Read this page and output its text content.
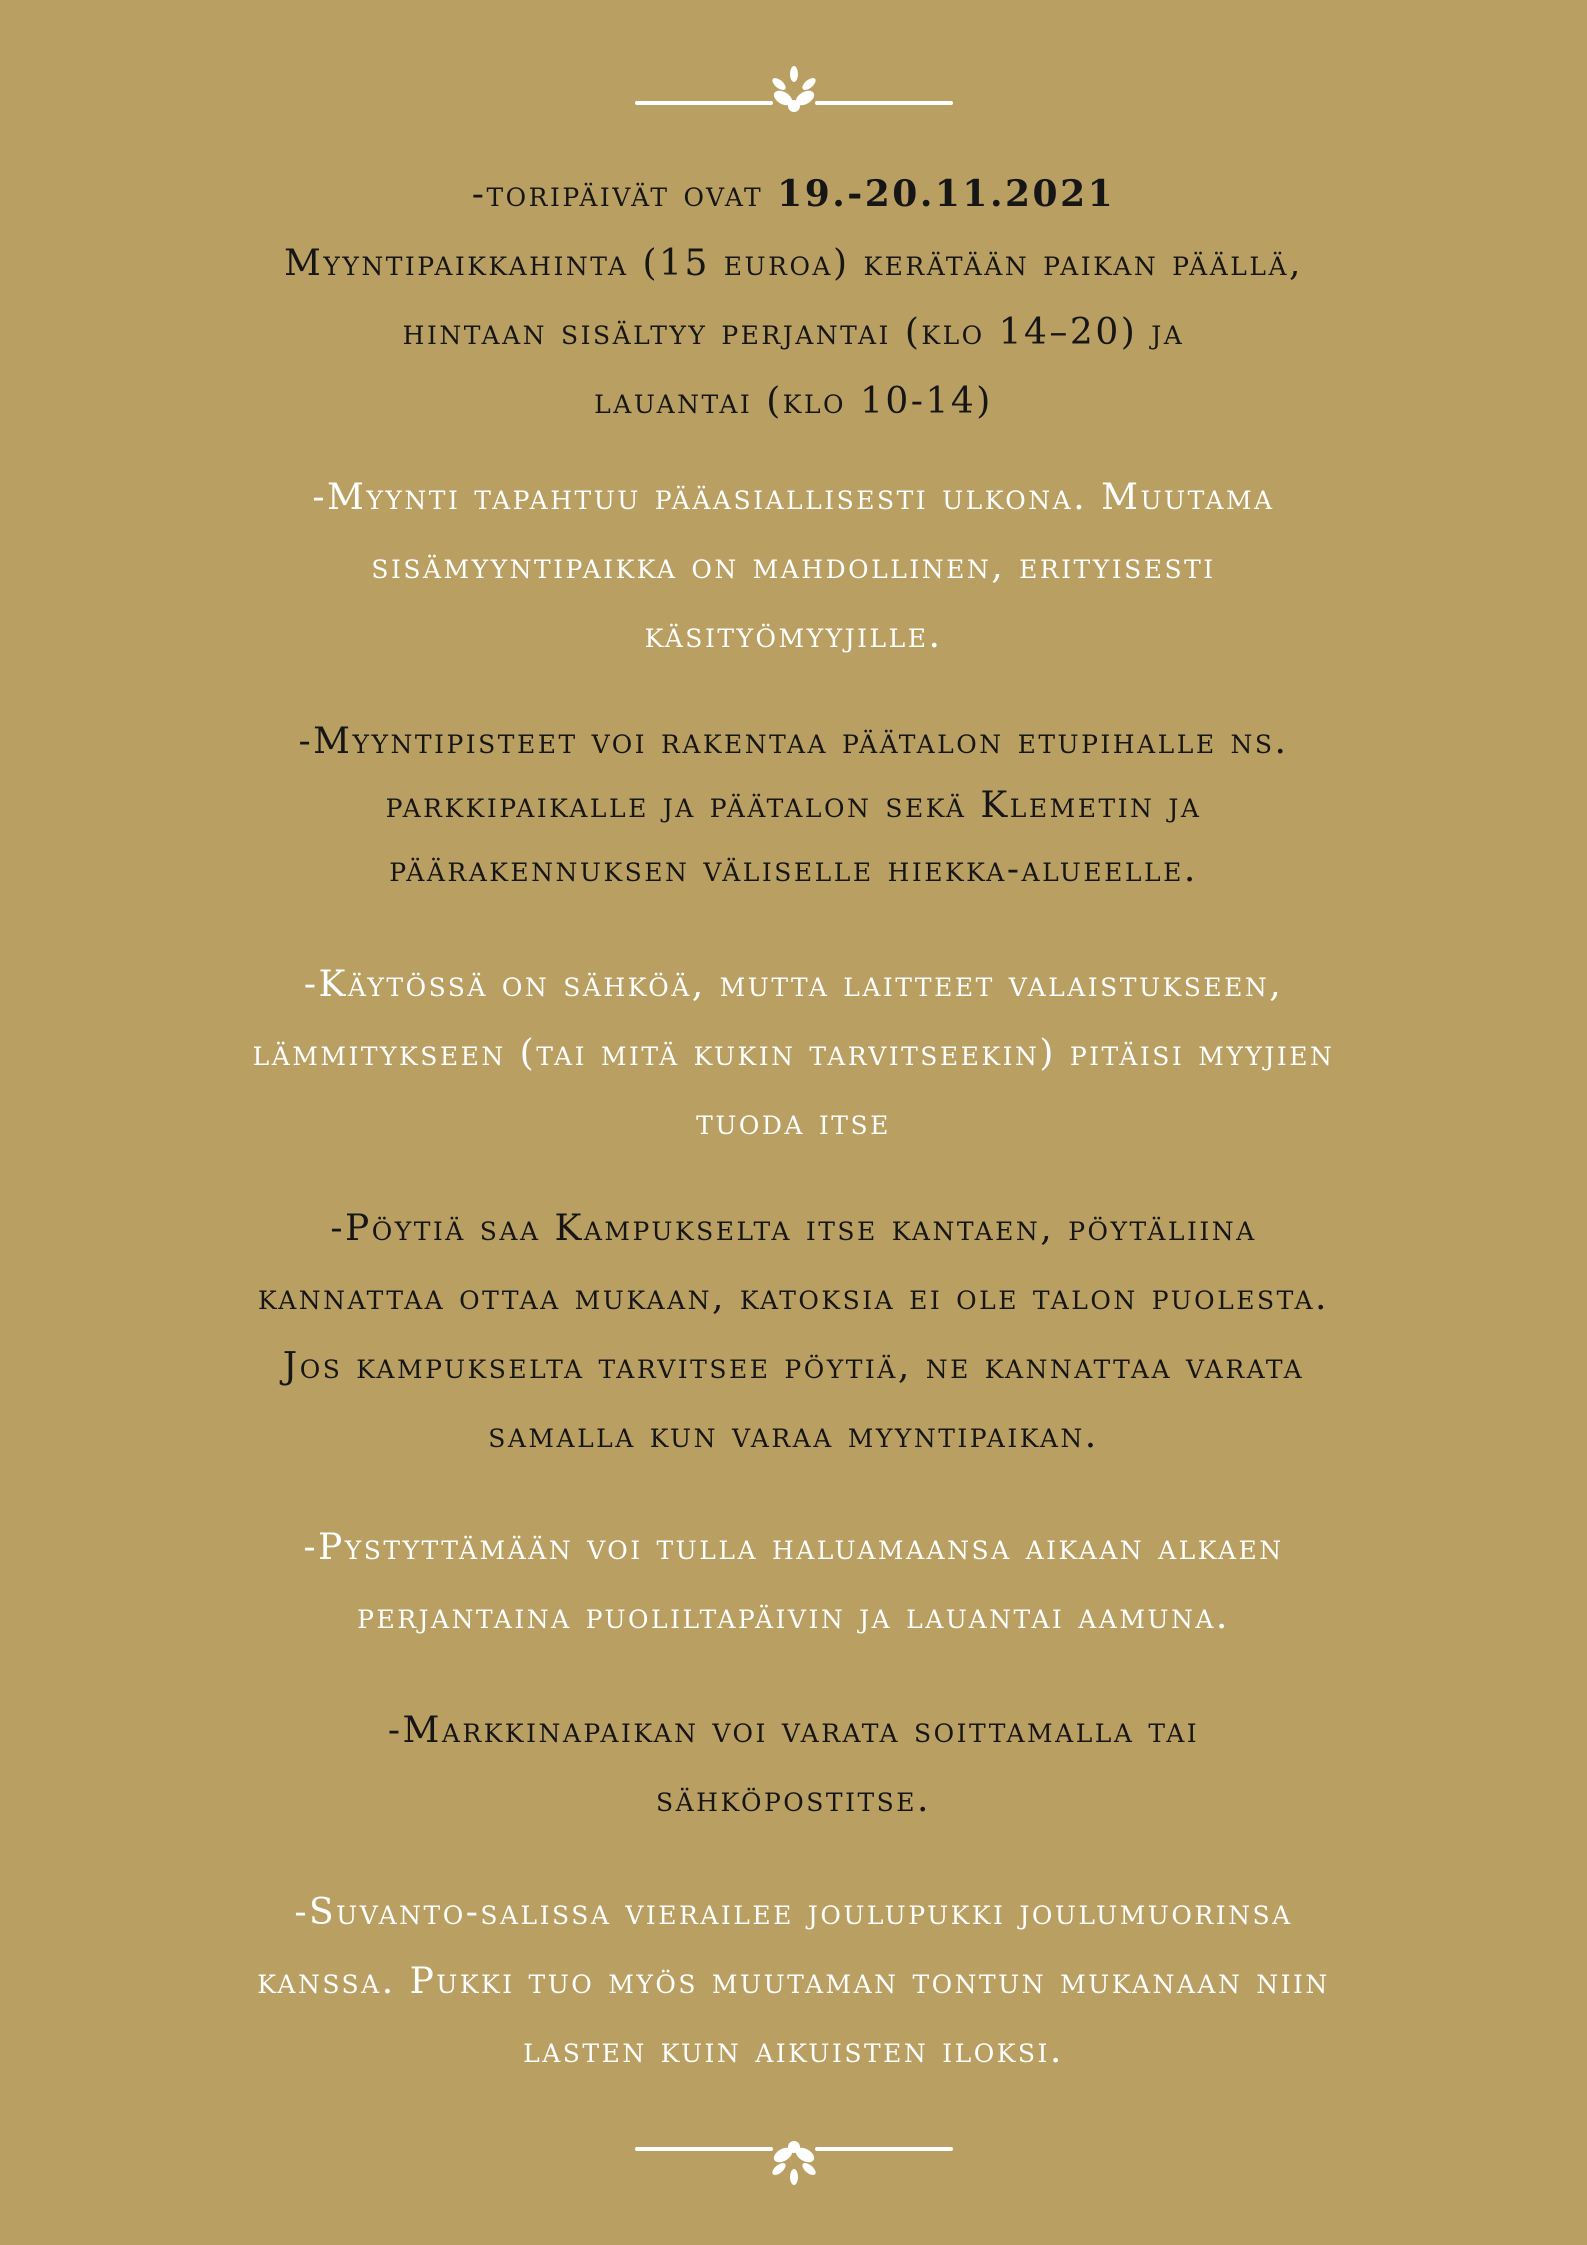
-toripäivät ovat 19.-20.11.2021

Myyntipaikkahinta (15 euroa) kerätään paikan päällä,

hintaan sisältyy perjantai (klo 14–20) ja

lauantai (klo 10-14)

-Myynti tapahtuu pääasiallisesti ulkona. Muutama

sisämyyntipaikka on mahdollinen, erityisesti

käsityömyyjille.

-Myyntipisteet voi rakentaa päätalon etupihalle ns.

parkkipaikalle ja päätalon sekä Klemetin ja

päärakennuksen väliselle hiekka-alueelle.

-Käytössä on sähköä, mutta laitteet valaistukseen,

lämmitykseen (tai mitä kukin tarvitseekin) pitäisi myyjien

tuoda itse

-Pöytiä saa Kampukselta itse kantaen, pöytäliina

kannattaa ottaa mukaan, katoksia ei ole talon puolesta.

Jos kampukselta tarvitsee pöytiä, ne kannattaa varata

samalla kun varaa myyntipaikan.

-Pystyttämään voi tulla haluamaansa aikaan alkaen

perjantaina puoliltapäivin ja lauantai aamuna.

-Markkinapaikan voi varata soittamalla tai

sähköpostitse.

-Suvanto-salissa vierailee joulupukki joulumuorinsa

kanssa. Pukki tuo myös muutaman tontun mukanaan niin

lasten kuin aikuisten iloksi.
